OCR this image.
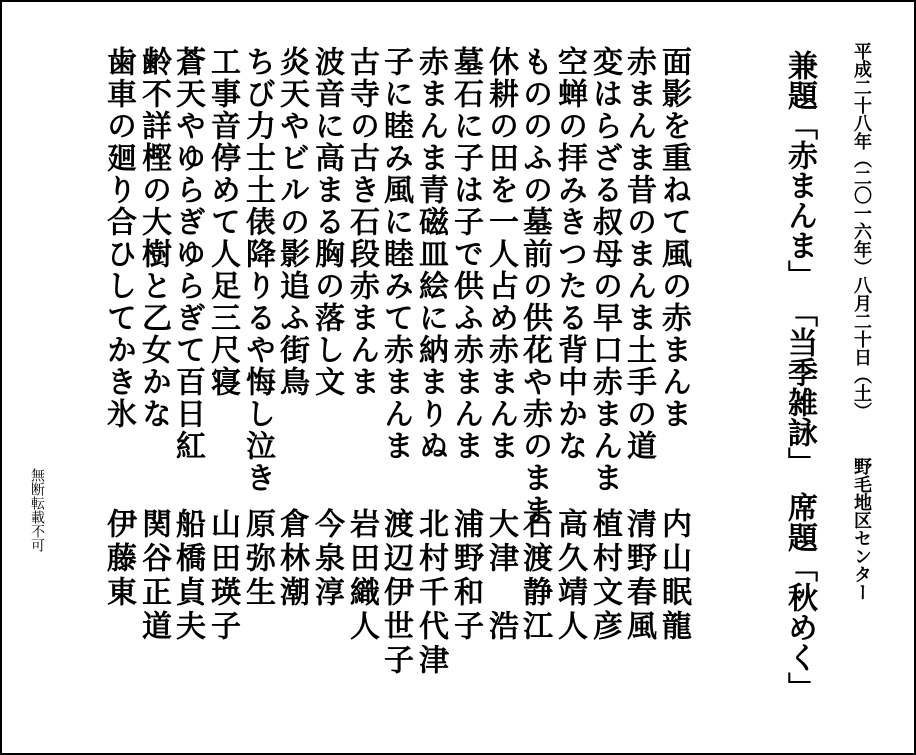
平成二十八年（二〇一六年）八月二十日（土）
野毛地区センター
兼題「赤まんま」
「当季雑詠」　席題「秋めく」
面影を重ねて風の赤まんま
内山眠龍
赤まんま昔のまんま土手の道
清野春風
変はらざる叔母の早口赤まんま
植村文彦
空蝉の拝みきつたる背中かな
高久靖人
もののふの墓前の供花や赤のまま
石渡静江
休耕の田を一人占め赤まんま
大津　浩
墓石に子は子で供ふ赤まんま
浦野和子
赤まんま青磁皿絵に納まりぬ
北村千代津
子に睦み風に睦みて赤まんま
渡辺伊世子
古寺の古き石段赤まんま
岩田織人
波音に高まる胸の落し文
今泉淳
炎天やビルの影追ふ街鳥
倉林潮
ちび力士土俵降りるや悔し泣き
原弥生
工事音停めて人足三尺寝
山田瑛子
蒼天やゆらぎゆらぎて百日紅
船橋貞夫
齢不詳樫の大樹と乙女かな
関谷正道
歯車の廻り合ひしてかき氷
伊藤東
無断転載不可
